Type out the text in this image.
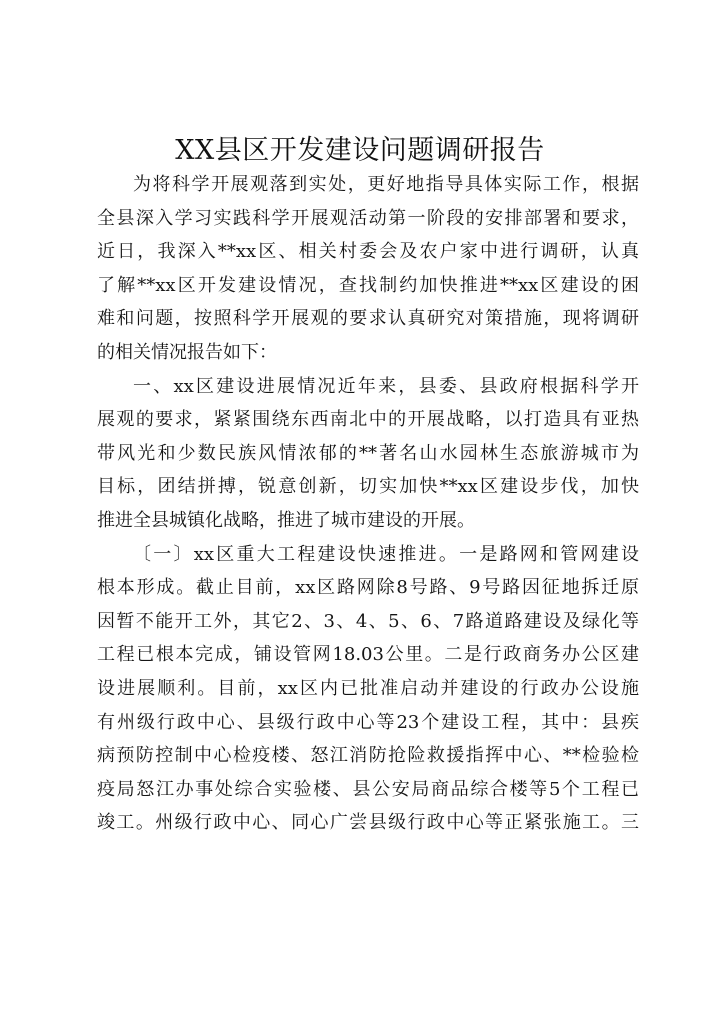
XX县区开发建设问题调研报告
为将科学开展观落到实处，更好地指导具体实际工作，根据
全县深入学习实践科学开展观活动第一阶段的安排部署和要求，
近日，我深入**xx区、相关村委会及农户家中进行调研，认真
了解**xx区开发建设情况，查找制约加快推进**xx区建设的困
难和问题，按照科学开展观的要求认真研究对策措施，现将调研
的相关情况报告如下：
一、xx区建设进展情况近年来，县委、县政府根据科学开
展观的要求，紧紧围绕东西南北中的开展战略，以打造具有亚热
带风光和少数民族风情浓郁的**著名山水园林生态旅游城市为
目标，团结拼搏，锐意创新，切实加快**xx区建设步伐，加快
推进全县城镇化战略，推进了城市建设的开展。
〔一〕xx区重大工程建设快速推进。一是路网和管网建设
根本形成。截止目前，xx区路网除8号路、9号路因征地拆迁原
因暂不能开工外，其它2、3、4、5、6、7路道路建设及绿化等
工程已根本完成，铺设管网18.03公里。二是行政商务办公区建
设进展顺利。目前，xx区内已批准启动并建设的行政办公设施
有州级行政中心、县级行政中心等23个建设工程，其中：县疾
病预防控制中心检疫楼、怒江消防抢险救援指挥中心、**检验检
疫局怒江办事处综合实验楼、县公安局商品综合楼等5个工程已
竣工。州级行政中心、同心广尝县级行政中心等正紧张施工。三
